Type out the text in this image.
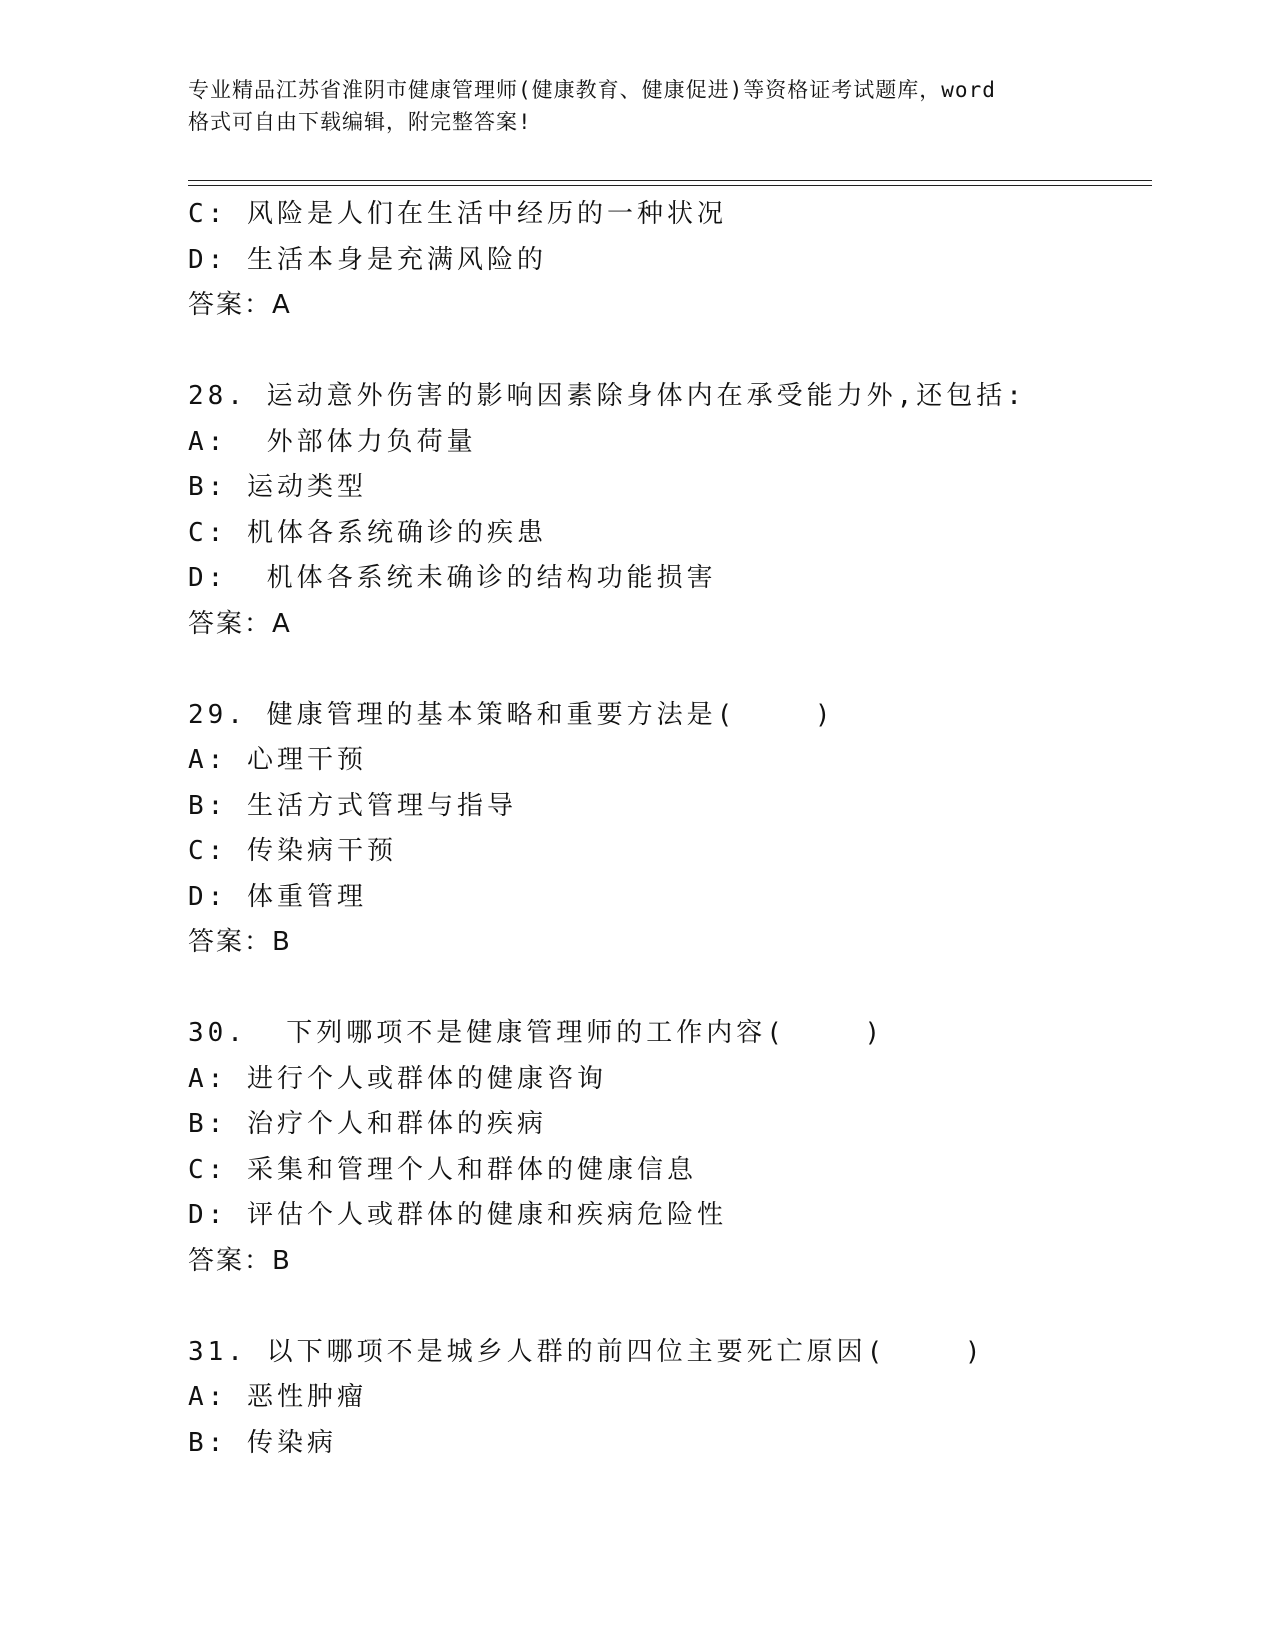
专业精品江苏省淮阴市健康管理师(健康教育、健康促进)等资格证考试题库，word
格式可自由下载编辑，附完整答案!
C: 风险是人们在生活中经历的一种状况
D: 生活本身是充满风险的
答案：A
28. 运动意外伤害的影响因素除身体内在承受能力外,还包括:
A:  外部体力负荷量
B: 运动类型
C: 机体各系统确诊的疾患
D:  机体各系统未确诊的结构功能损害
答案：A
29. 健康管理的基本策略和重要方法是(    )
A: 心理干预
B: 生活方式管理与指导
C: 传染病干预
D: 体重管理
答案：B
30.  下列哪项不是健康管理师的工作内容(    )
A: 进行个人或群体的健康咨询
B: 治疗个人和群体的疾病
C: 采集和管理个人和群体的健康信息
D: 评估个人或群体的健康和疾病危险性
答案：B
31. 以下哪项不是城乡人群的前四位主要死亡原因(    )
A: 恶性肿瘤
B: 传染病
